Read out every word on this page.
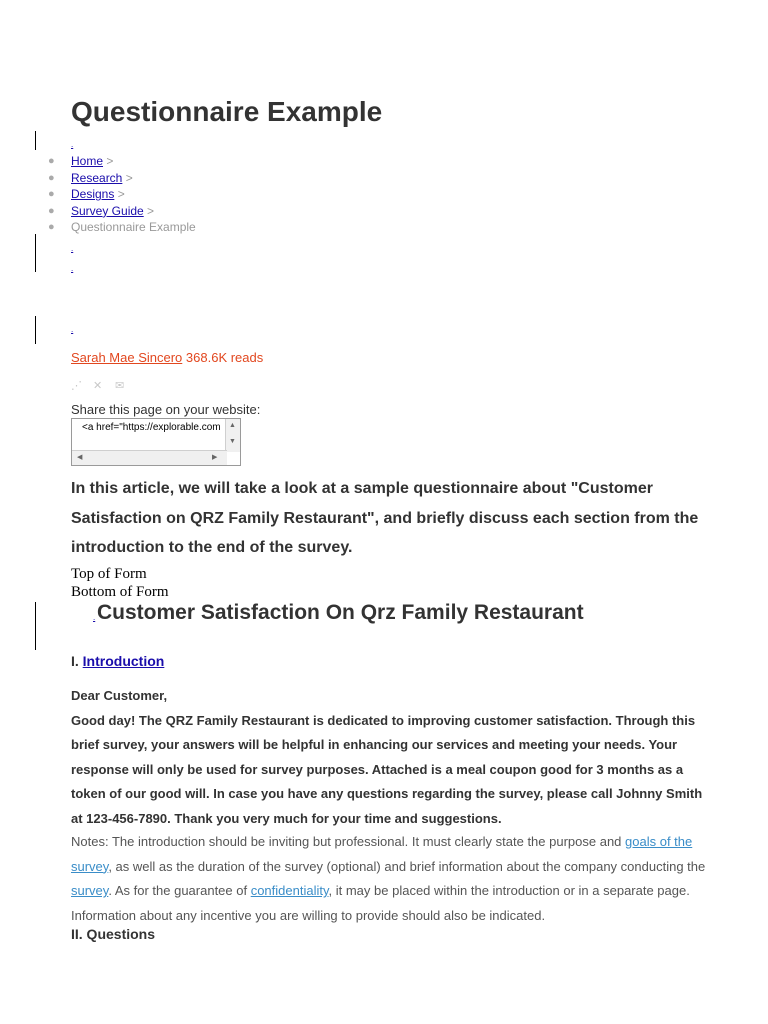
Questionnaire Example
.
● Home >
● Research >
● Designs >
● Survey Guide >
● Questionnaire Example
.
.
.
Sarah Mae Sincero 368.6K reads
⋰	✕	✉
Share this page on your website:
<a href="https://explorable.com	▲
▼
◀	▶

In this article, we will take a look at a sample questionnaire about "Customer Satisfaction on QRZ Family Restaurant", and briefly discuss each section from the introduction to the end of the survey.

Top of Form
Bottom of Form
. Customer Satisfaction On Qrz Family Restaurant
I. Introduction

Dear Customer,
Good day! The QRZ Family Restaurant is dedicated to improving customer satisfaction. Through this brief survey, your answers will be helpful in enhancing our services and meeting your needs. Your response will only be used for survey purposes. Attached is a meal coupon good for 3 months as a token of our good will. In case you have any questions regarding the survey, please call Johnny Smith at 123-456-7890. Thank you very much for your time and suggestions.

Notes: The introduction should be inviting but professional. It must clearly state the purpose and goals of the survey, as well as the duration of the survey (optional) and brief information about the company conducting the survey. As for the guarantee of confidentiality, it may be placed within the introduction or in a separate page. Information about any incentive you are willing to provide should also be indicated.

II. Questions
